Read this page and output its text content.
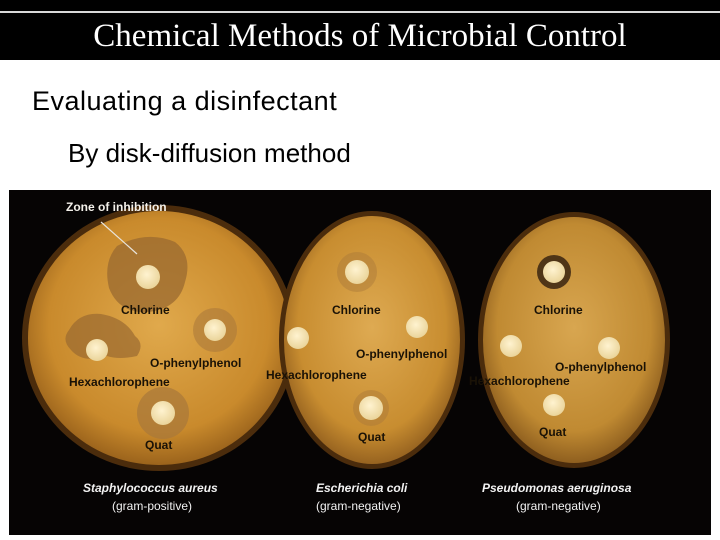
Chemical Methods of Microbial Control
Evaluating a disinfectant
By disk-diffusion method
Chlorine
O-phenylphenol
Hexachlorophene
Quat
Chlorine
O-phenylphenol
Hexachlorophene
Quat
Chlorine
O-phenylphenol
Hexachlorophene
Quat
Zone of inhibition
Staphylococcus aureus
(gram-positive)
Escherichia coli
(gram-negative)
Pseudomonas aeruginosa
(gram-negative)
